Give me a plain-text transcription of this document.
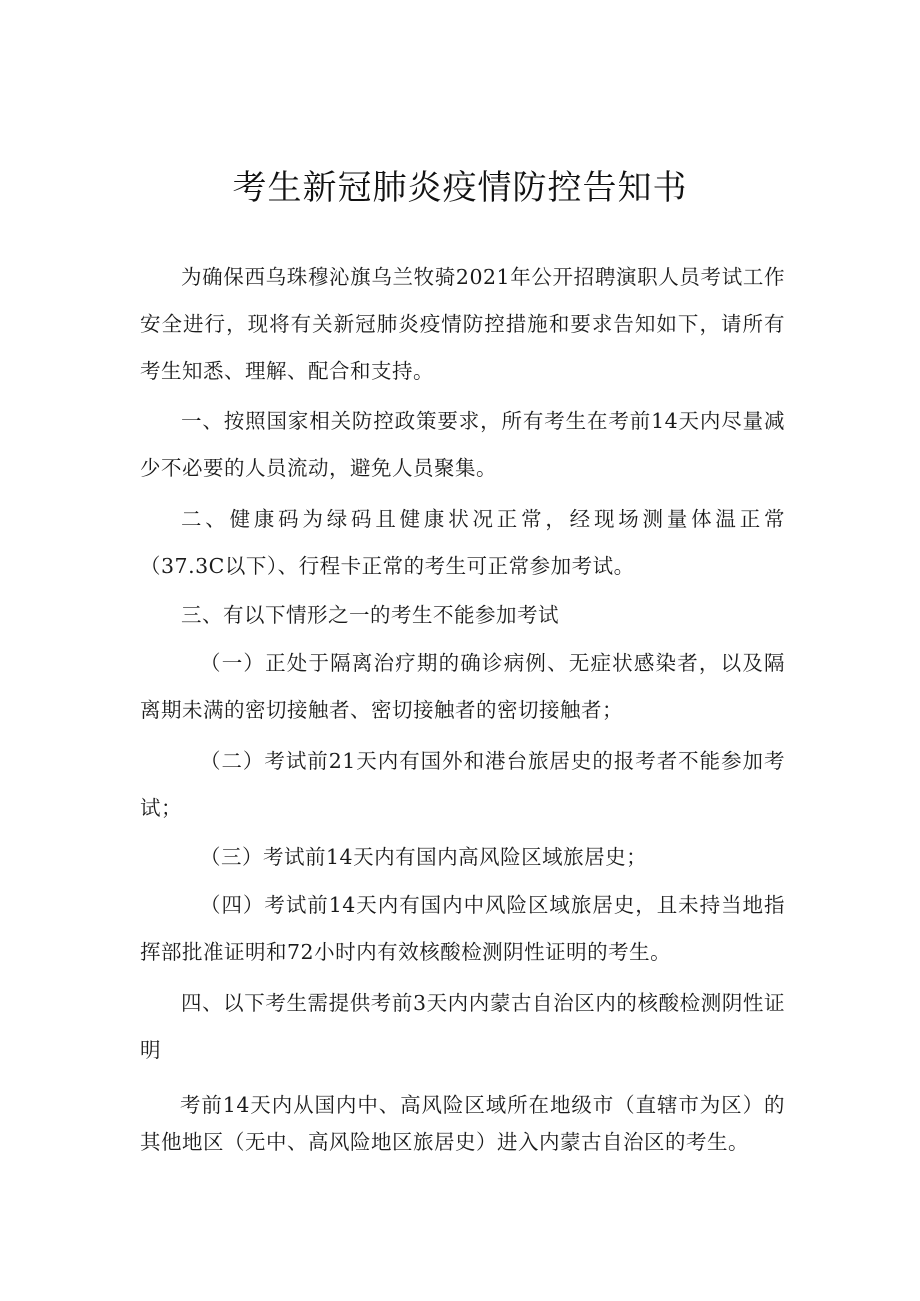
考生新冠肺炎疫情防控告知书
为确保西乌珠穆沁旗乌兰牧骑2021年公开招聘演职人员考试工作安全进行，现将有关新冠肺炎疫情防控措施和要求告知如下，请所有考生知悉、理解、配合和支持。
一、按照国家相关防控政策要求，所有考生在考前14天内尽量减少不必要的人员流动，避免人员聚集。
二、健康码为绿码且健康状况正常，经现场测量体温正常（37.3C以下）、行程卡正常的考生可正常参加考试。
三、有以下情形之一的考生不能参加考试
（一）正处于隔离治疗期的确诊病例、无症状感染者，以及隔离期未满的密切接触者、密切接触者的密切接触者；
（二）考试前21天内有国外和港台旅居史的报考者不能参加考试；
（三）考试前14天内有国内高风险区域旅居史；
（四）考试前14天内有国内中风险区域旅居史，且未持当地指挥部批准证明和72小时内有效核酸检测阴性证明的考生。
四、以下考生需提供考前3天内内蒙古自治区内的核酸检测阴性证明
考前14天内从国内中、高风险区域所在地级市（直辖市为区）的其他地区（无中、高风险地区旅居史）进入内蒙古自治区的考生。
